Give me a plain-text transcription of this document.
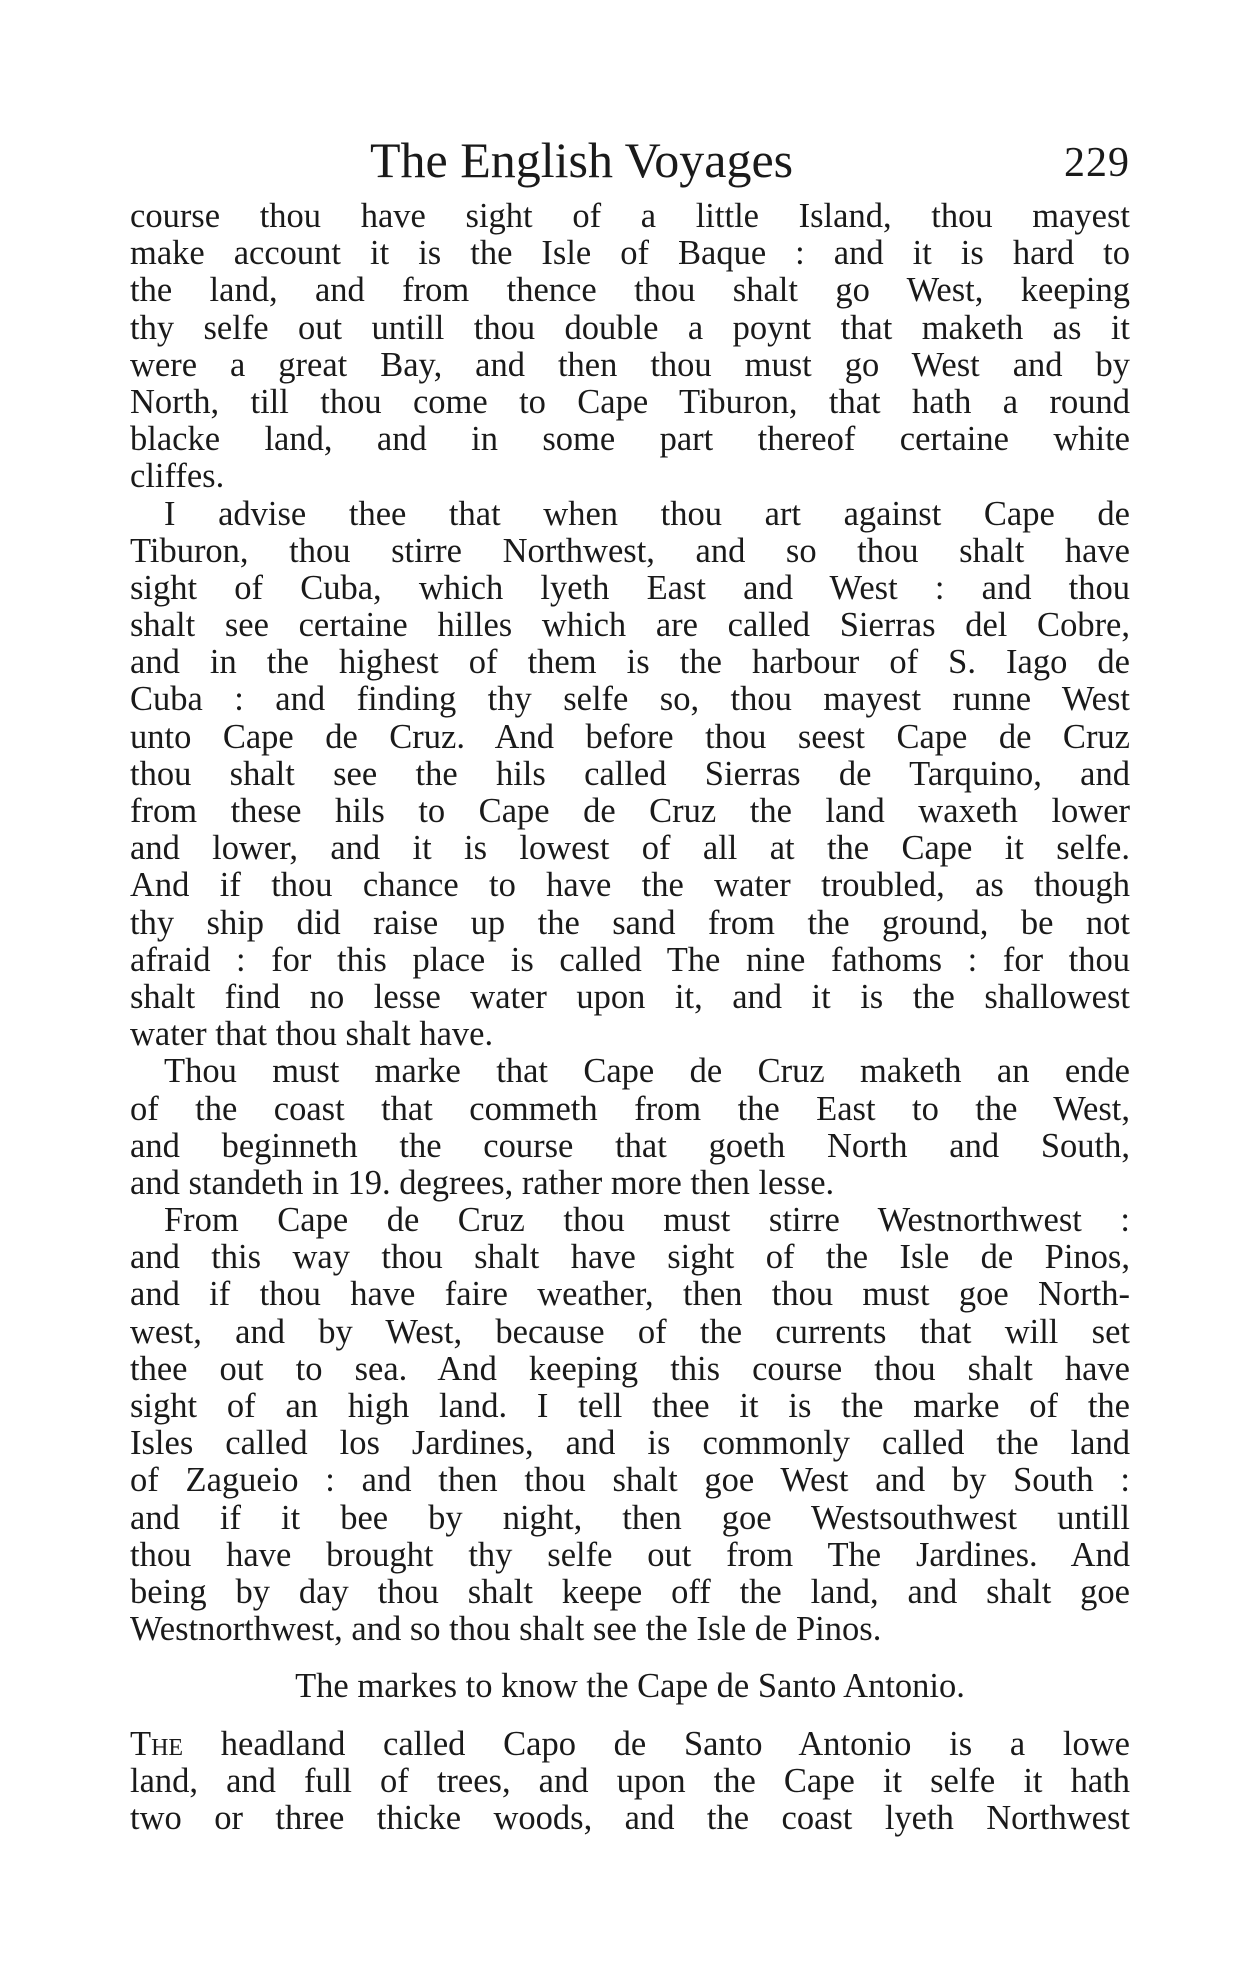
The English Voyages	229
course thou have sight of a little Island, thou mayest
make account it is the Isle of Baque : and it is hard to
the land, and from thence thou shalt go West, keeping
thy selfe out untill thou double a poynt that maketh as it
were a great Bay, and then thou must go West and by
North, till thou come to Cape Tiburon, that hath a round
blacke land, and in some part thereof certaine white
cliffes.
I advise thee that when thou art against Cape de
Tiburon, thou stirre Northwest, and so thou shalt have
sight of Cuba, which lyeth East and West : and thou
shalt see certaine hilles which are called Sierras del Cobre,
and in the highest of them is the harbour of S. Iago de
Cuba : and finding thy selfe so, thou mayest runne West
unto Cape de Cruz. And before thou seest Cape de Cruz
thou shalt see the hils called Sierras de Tarquino, and
from these hils to Cape de Cruz the land waxeth lower
and lower, and it is lowest of all at the Cape it selfe.
And if thou chance to have the water troubled, as though
thy ship did raise up the sand from the ground, be not
afraid : for this place is called The nine fathoms : for thou
shalt find no lesse water upon it, and it is the shallowest
water that thou shalt have.
Thou must marke that Cape de Cruz maketh an ende
of the coast that commeth from the East to the West,
and beginneth the course that goeth North and South,
and standeth in 19. degrees, rather more then lesse.
From Cape de Cruz thou must stirre Westnorthwest :
and this way thou shalt have sight of the Isle de Pinos,
and if thou have faire weather, then thou must goe North-
west, and by West, because of the currents that will set
thee out to sea. And keeping this course thou shalt have
sight of an high land. I tell thee it is the marke of the
Isles called los Jardines, and is commonly called the land
of Zagueio : and then thou shalt goe West and by South :
and if it bee by night, then goe Westsouthwest untill
thou have brought thy selfe out from The Jardines. And
being by day thou shalt keepe off the land, and shalt goe
Westnorthwest, and so thou shalt see the Isle de Pinos.
The markes to know the Cape de Santo Antonio.
The headland called Capo de Santo Antonio is a lowe
land, and full of trees, and upon the Cape it selfe it hath
two or three thicke woods, and the coast lyeth Northwest
